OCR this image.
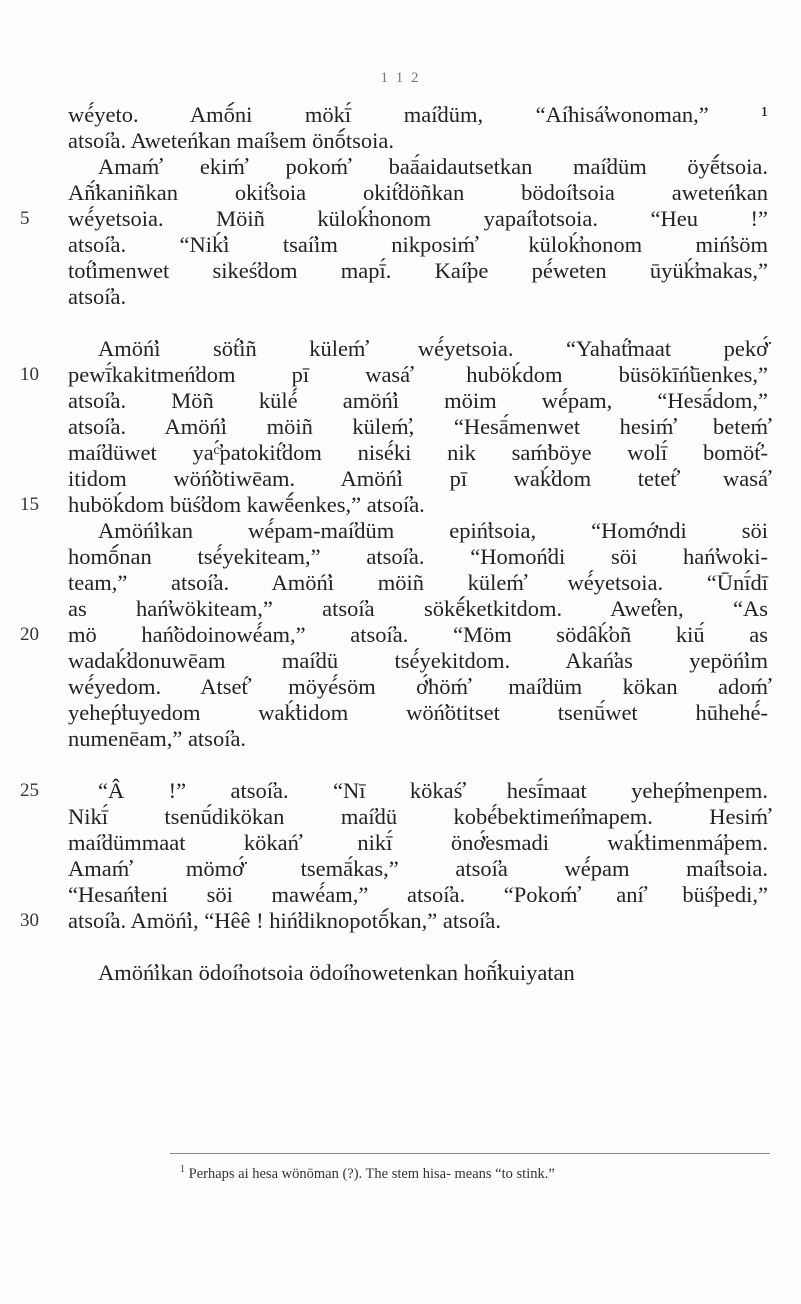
1 1 2
wé́yeto. Amṓ́ni mökī́ maí̛düm, “Aí̛hisá̛wonoman,” ¹
atsoí̛a. Aweteń̛kan maí̛sem önṓ́tsoia.
Amaḿ̛ ekiḿ̛ pokoḿ̛ baā́aidautsetkan maí̛düm öyḗ́tsoia.
Añ̛́kaniñkan okit̛́soia okit̛́döñkan bödoí̛tsoia aweteń̛kan
wé́yetsoia. Möiñ küloḱ̛nonom yapaí̛totsoia. “Heu !”
atsoí̛a. “Niḱ̛i tsaí̛im nikposiḿ̛ küloḱ̛nonom miń̛söm
tot̛́imenwet sikeś̛dom mapī́. Kaí̛pe pé́weten ūyüḱ̛makas,”
atsoí̛a.
Amöń̛i söt̛́iñ küleḿ̛ wé́yetsoia. “Yahat̛́maat pekơ̈́
pewī́kakitmeń̛dom pī wasá̛ huböḱdom büsökīń̛ūenkes,”
atsoí̛a. Möñ külé́ amöń̛i möim wé́pam, “Hesā́dom,”
atsoí̛a. Amöń̛i möiñ küleḿ̛, “Hesā́menwet hesiḿ̛ beteḿ̛
maí̛düwet yaᶜ̛́patokit̛́dom nisé́ki nik saḿ̛böye wolī́ bomöt̛́-
itidom wöń̛ötiwēam. Amöń̛i pī waḱ̛dom tetet̛́ wasá̛
huböḱdom büś̛dom kawḗ́enkes,” atsoí̛a.
Amöń̛ikan wé́pam-maí̛düm epiń̛tsoia, “Homớndi söi
homṓ́nan tsé́yekiteam,” atsoí̛a. “Homoń̛di söi hań̛woki-
team,” atsoí̛a. Amöń̛i möiñ küleḿ̛ wé́yetsoia. “Ūnī́dī
as hań̛wökiteam,” atsoí̛a sökḗ́ketkitdom. Awet̛́en, “As
mö hań̛ödoinowé́am,” atsoí̛a. “Möm södâḱ̛oñ kiū́ as
wadaḱ̛donuwēam maí̛dü tsé́yekitdom. Akań̛as yepöń̛im
wé́yedom. Atset̛́ möyé́söm ơ̈́höḿ̛ maí̛düm kökan adoḿ̛
yeheṕ̛tuyedom waḱ̛tidom wöń̛ötitset tsenū́wet hūhehé́-
numenēam,” atsoí̛a.
“Â !” atsoí̛a. “Nī kökaś̛ hesī́maat yeheṕ̛menpem.
Nikī́ tsenū́dikökan maí̛dü kobé́bektimeń̛mapem. Hesiḿ̛
maí̛dümmaat kökań̛ nikī́ önơ̈́esmadi waḱ̛timenmá̛pem.
Amaḿ̛ mömơ̈́ tsemā́kas,” atsoí̛a wé́pam maí̛tsoia.
“Hesań̛teni söi mawé́am,” atsoí̛a. “Pokoḿ̛ aní̛ büś̛pedi,”
atsoí̛a. Amöń̛i, “Hêê ! hiń̛diknopotṓ́kan,” atsoí̛a.
Amöń̛ikan ödoí̛notsoia ödoí̛nowetenkan hoñ̛́kuiyatan
5
10
15
20
25
30
$^1$ Perhaps ai hesa wönōman (?). The stem hisa- means “to stink.”
